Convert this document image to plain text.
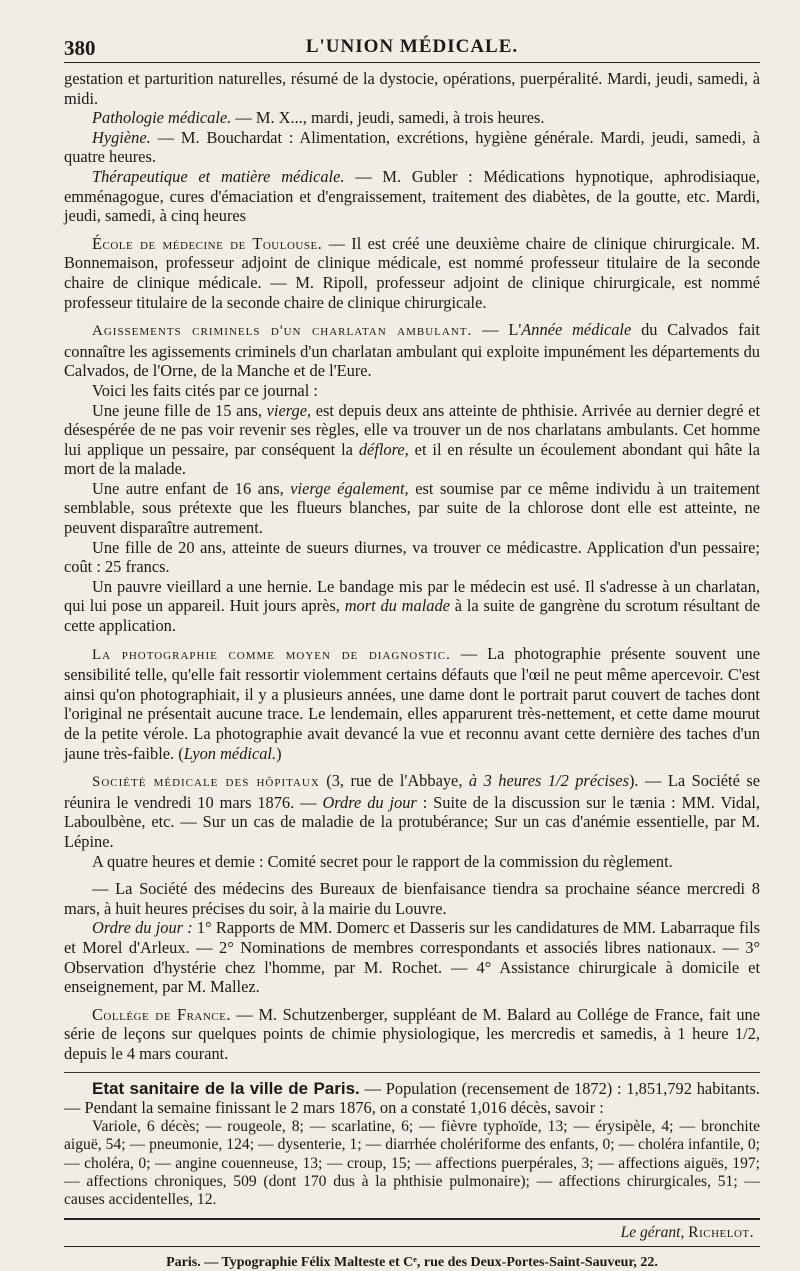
380	L'UNION MÉDICALE.

gestation et parturition naturelles, résumé de la dystocie, opérations, puerpéralité. Mardi, jeudi, samedi, à midi.

Pathologie médicale. — M. X..., mardi, jeudi, samedi, à trois heures.

Hygiène. — M. Bouchardat : Alimentation, excrétions, hygiène générale. Mardi, jeudi, samedi, à quatre heures.

Thérapeutique et matière médicale. — M. Gubler : Médications hypnotique, aphrodisiaque, emménagogue, cures d'émaciation et d'engraissement, traitement des diabètes, de la goutte, etc. Mardi, jeudi, samedi, à cinq heures

École de médecine de Toulouse. — Il est créé une deuxième chaire de clinique chirurgicale. M. Bonnemaison, professeur adjoint de clinique médicale, est nommé professeur titulaire de la seconde chaire de clinique médicale. — M. Ripoll, professeur adjoint de clinique chirurgicale, est nommé professeur titulaire de la seconde chaire de clinique chirurgicale.

Agissements criminels d'un charlatan ambulant. — L'Année médicale du Calvados fait connaître les agissements criminels d'un charlatan ambulant qui exploite impunément les départements du Calvados, de l'Orne, de la Manche et de l'Eure.

Voici les faits cités par ce journal :

Une jeune fille de 15 ans, vierge, est depuis deux ans atteinte de phthisie. Arrivée au dernier degré et désespérée de ne pas voir revenir ses règles, elle va trouver un de nos charlatans ambulants. Cet homme lui applique un pessaire, par conséquent la déflore, et il en résulte un écoulement abondant qui hâte la mort de la malade.

Une autre enfant de 16 ans, vierge également, est soumise par ce même individu à un traitement semblable, sous prétexte que les flueurs blanches, par suite de la chlorose dont elle est atteinte, ne peuvent disparaître autrement.

Une fille de 20 ans, atteinte de sueurs diurnes, va trouver ce médicastre. Application d'un pessaire; coût : 25 francs.

Un pauvre vieillard a une hernie. Le bandage mis par le médecin est usé. Il s'adresse à un charlatan, qui lui pose un appareil. Huit jours après, mort du malade à la suite de gangrène du scrotum résultant de cette application.

La photographie comme moyen de diagnostic. — La photographie présente souvent une sensibilité telle, qu'elle fait ressortir violemment certains défauts que l'œil ne peut même apercevoir. C'est ainsi qu'on photographiait, il y a plusieurs années, une dame dont le portrait parut couvert de taches dont l'original ne présentait aucune trace. Le lendemain, elles apparurent très-nettement, et cette dame mourut de la petite vérole. La photographie avait devancé la vue et reconnu avant cette dernière des taches d'un jaune très-faible. (Lyon médical.)

Société médicale des hôpitaux (3, rue de l'Abbaye, à 3 heures 1/2 précises). — La Société se réunira le vendredi 10 mars 1876. — Ordre du jour : Suite de la discussion sur le tænia : MM. Vidal, Laboulbène, etc. — Sur un cas de maladie de la protubérance; Sur un cas d'anémie essentielle, par M. Lépine.

A quatre heures et demie : Comité secret pour le rapport de la commission du règlement.

— La Société des médecins des Bureaux de bienfaisance tiendra sa prochaine séance mercredi 8 mars, à huit heures précises du soir, à la mairie du Louvre.

Ordre du jour : 1° Rapports de MM. Domerc et Dasseris sur les candidatures de MM. Labarraque fils et Morel d'Arleux. — 2° Nominations de membres correspondants et associés libres nationaux. — 3° Observation d'hystérie chez l'homme, par M. Rochet. — 4° Assistance chirurgicale à domicile et enseignement, par M. Mallez.

Collége de France. — M. Schutzenberger, suppléant de M. Balard au Collége de France, fait une série de leçons sur quelques points de chimie physiologique, les mercredis et samedis, à 1 heure 1/2, depuis le 4 mars courant.

Etat sanitaire de la ville de Paris. — Population (recensement de 1872) : 1,851,792 habitants. — Pendant la semaine finissant le 2 mars 1876, on a constaté 1,016 décès, savoir :

Variole, 6 décès; — rougeole, 8; — scarlatine, 6; — fièvre typhoïde, 13; — érysipèle, 4; — bronchite aiguë, 54; — pneumonie, 124; — dysenterie, 1; — diarrhée cholériforme des enfants, 0; — choléra infantile, 0; — choléra, 0; — angine couenneuse, 13; — croup, 15; — affections puerpérales, 3; — affections aiguës, 197; — affections chroniques, 509 (dont 170 dus à la phthisie pulmonaire); — affections chirurgicales, 51; — causes accidentelles, 12.

Le gérant, Richelot.
Paris. — Typographie Félix Malteste et Cᵉ, rue des Deux-Portes-Saint-Sauveur, 22.
